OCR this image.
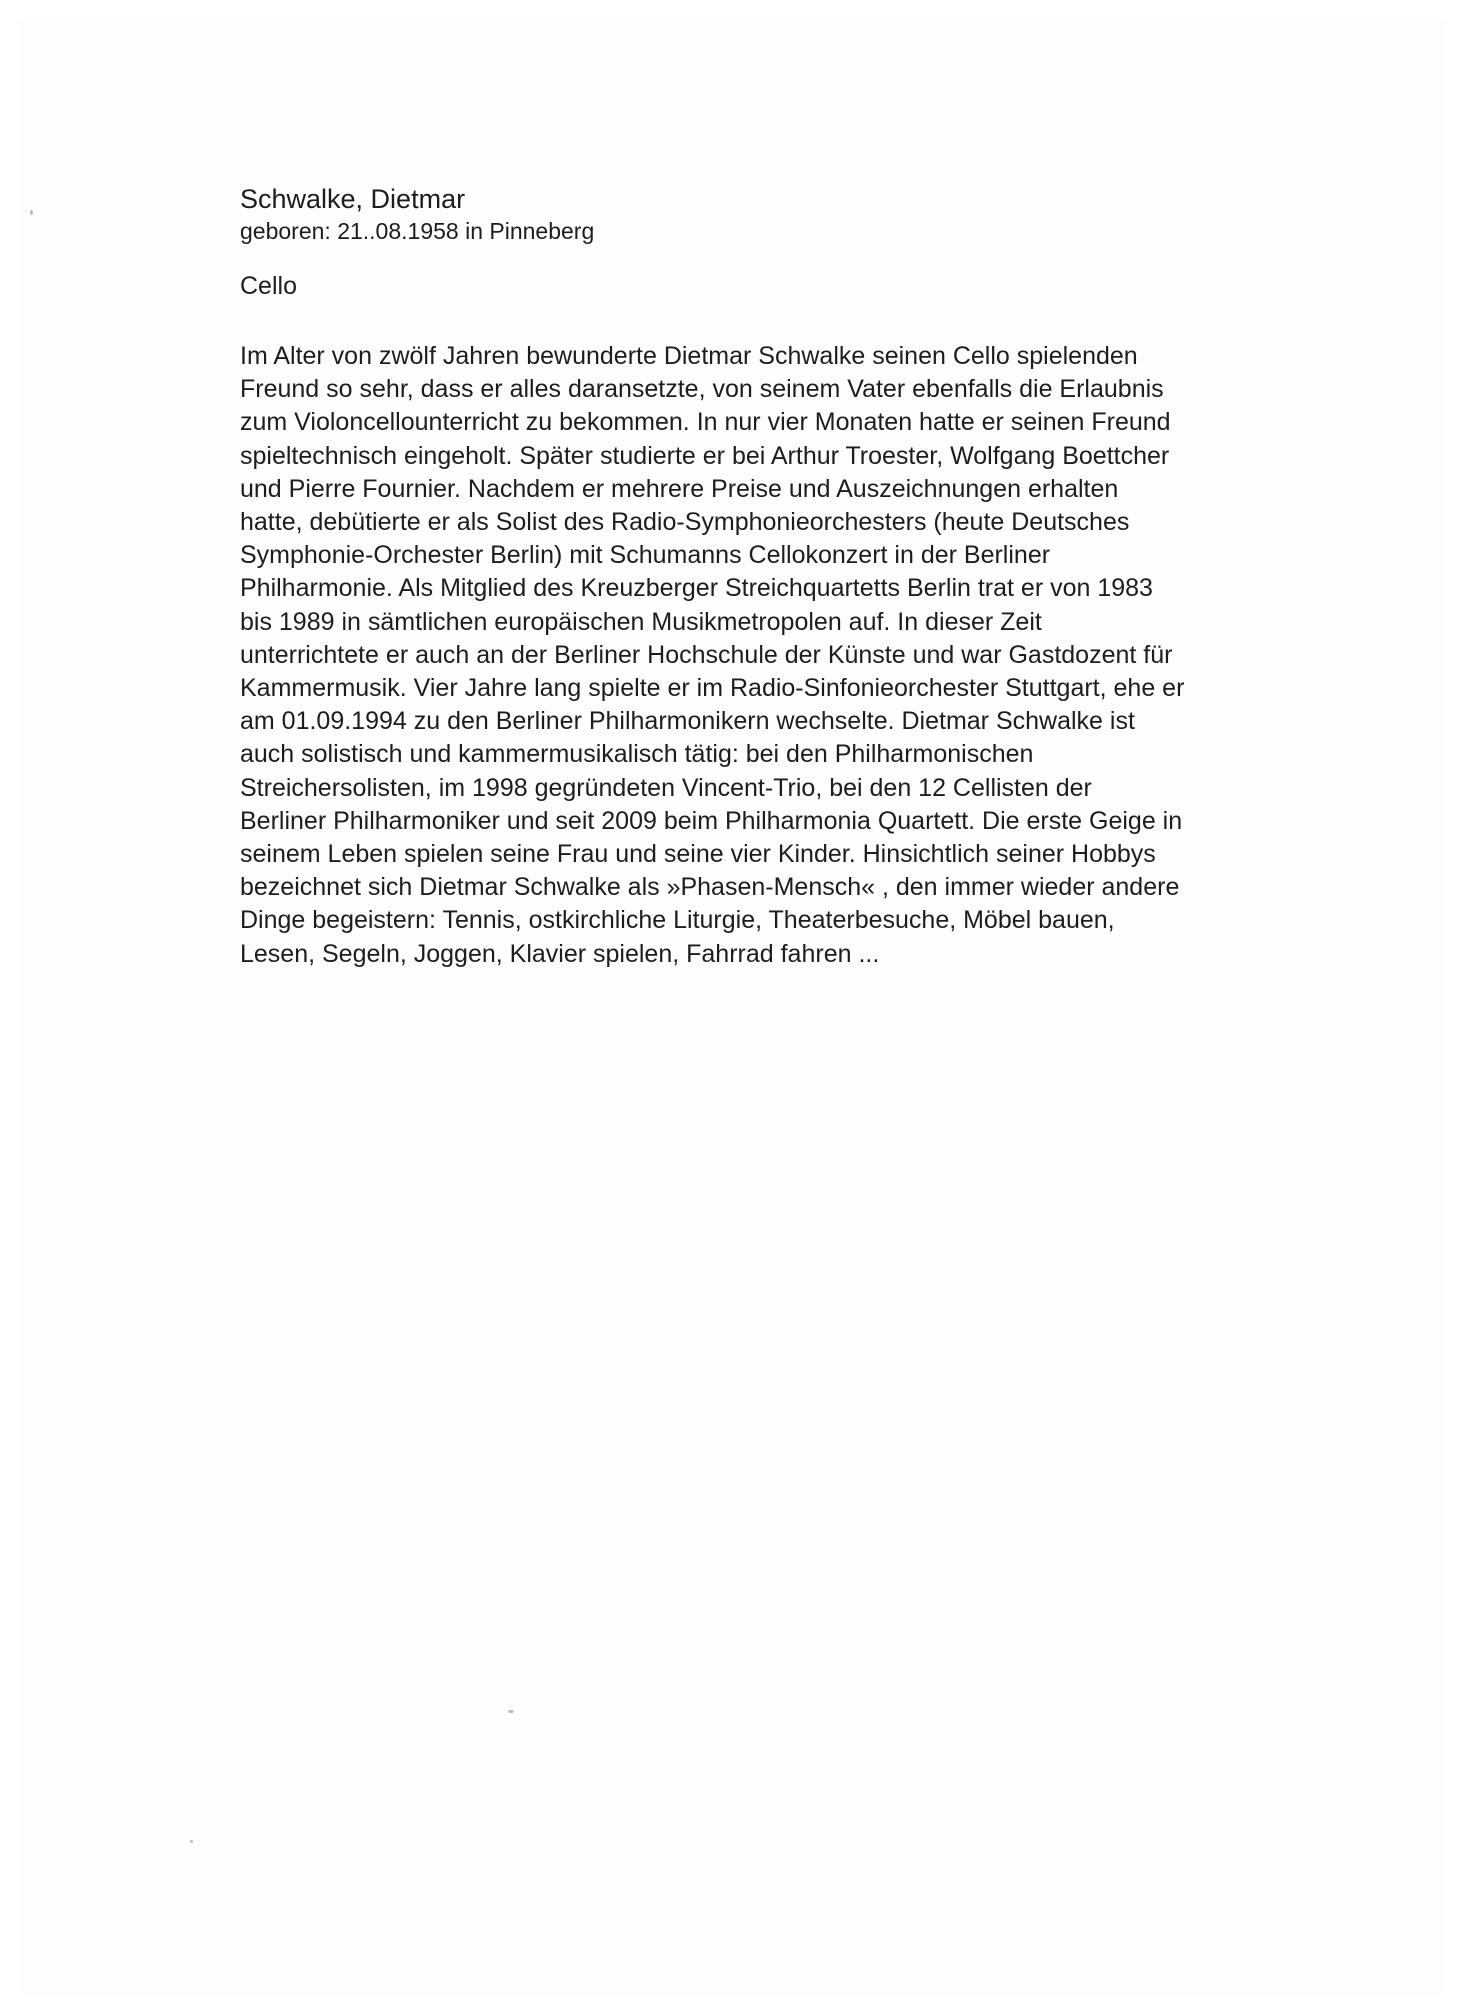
Schwalke, Dietmar

geboren: 21..08.1958 in Pinneberg

Cello

Im Alter von zwölf Jahren bewunderte Dietmar Schwalke seinen Cello spielenden
Freund so sehr, dass er alles daransetzte, von seinem Vater ebenfalls die Erlaubnis
zum Violoncellounterricht zu bekommen. In nur vier Monaten hatte er seinen Freund
spieltechnisch eingeholt. Später studierte er bei Arthur Troester, Wolfgang Boettcher
und Pierre Fournier. Nachdem er mehrere Preise und Auszeichnungen erhalten
hatte, debütierte er als Solist des Radio-Symphonieorchesters (heute Deutsches
Symphonie-Orchester Berlin) mit Schumanns Cellokonzert in der Berliner
Philharmonie. Als Mitglied des Kreuzberger Streichquartetts Berlin trat er von 1983
bis 1989 in sämtlichen europäischen Musikmetropolen auf. In dieser Zeit
unterrichtete er auch an der Berliner Hochschule der Künste und war Gastdozent für
Kammermusik. Vier Jahre lang spielte er im Radio-Sinfonieorchester Stuttgart, ehe er
am 01.09.1994 zu den Berliner Philharmonikern wechselte. Dietmar Schwalke ist
auch solistisch und kammermusikalisch tätig: bei den Philharmonischen
Streichersolisten, im 1998 gegründeten Vincent-Trio, bei den 12 Cellisten der
Berliner Philharmoniker und seit 2009 beim Philharmonia Quartett. Die erste Geige in
seinem Leben spielen seine Frau und seine vier Kinder. Hinsichtlich seiner Hobbys
bezeichnet sich Dietmar Schwalke als »Phasen-Mensch« , den immer wieder andere
Dinge begeistern: Tennis, ostkirchliche Liturgie, Theaterbesuche, Möbel bauen,
Lesen, Segeln, Joggen, Klavier spielen, Fahrrad fahren ...
